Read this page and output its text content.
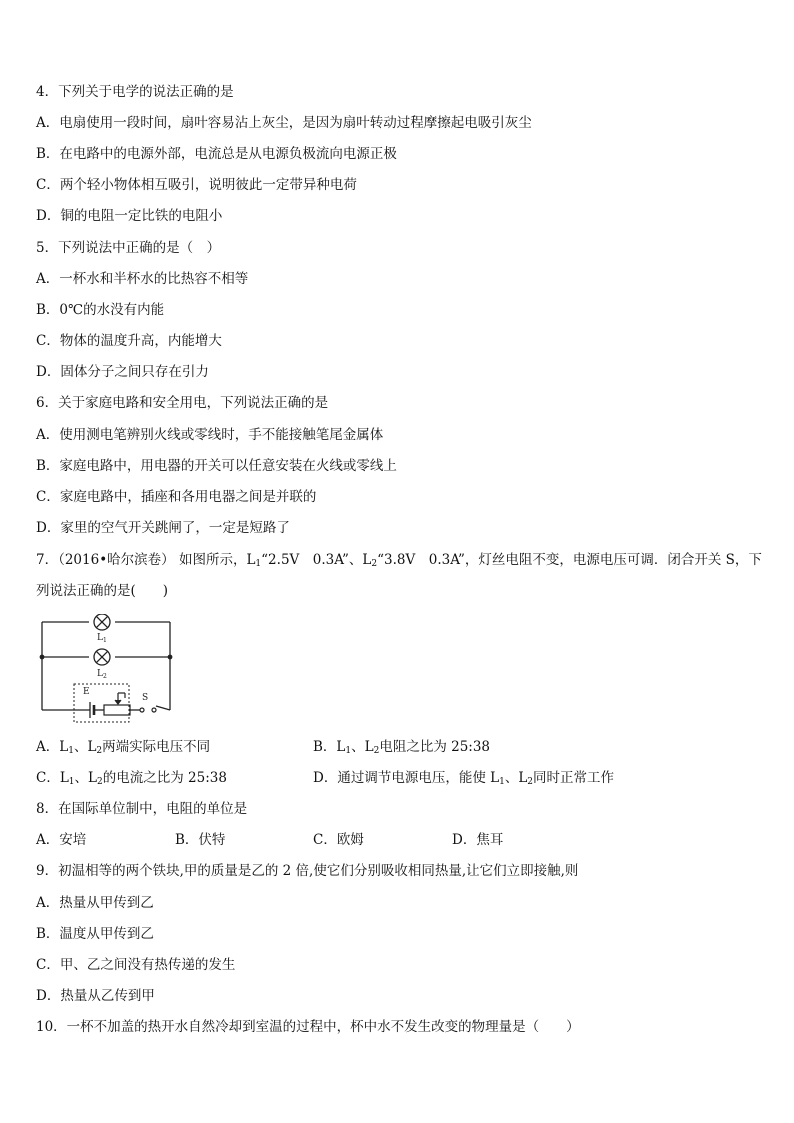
4．下列关于电学的说法正确的是
A．电扇使用一段时间，扇叶容易沾上灰尘，是因为扇叶转动过程摩擦起电吸引灰尘
B．在电路中的电源外部，电流总是从电源负极流向电源正极
C．两个轻小物体相互吸引，说明彼此一定带异种电荷
D．铜的电阻一定比铁的电阻小
5．下列说法中正确的是（　）
A．一杯水和半杯水的比热容不相等
B．0℃的水没有内能
C．物体的温度升高，内能增大
D．固体分子之间只存在引力
6．关于家庭电路和安全用电，下列说法正确的是
A．使用测电笔辨别火线或零线时，手不能接触笔尾金属体
B．家庭电路中，用电器的开关可以任意安装在火线或零线上
C．家庭电路中，插座和各用电器之间是并联的
D．家里的空气开关跳闸了，一定是短路了
7．（2016•哈尔滨卷） 如图所示，$L_1“2.5V$　0.3A”、$L_2“3.8V$　0.3A”，灯丝电阻不变，电源电压可调．闭合开关 S，下
列说法正确的是(　　)
$L_1$
$L_2$
E
S
A．$L_1$、$L_2$两端实际电压不同	B．$L_1$、$L_2$电阻之比为 25:38
C．$L_1$、$L_2$的电流之比为 25:38	D．通过调节电源电压，能使 $L_1$、$L_2$同时正常工作
8．在国际单位制中，电阻的单位是
A．安培	B．伏特	C．欧姆	D．焦耳
9．初温相等的两个铁块,甲的质量是乙的 2 倍,使它们分别吸收相同热量,让它们立即接触,则
A．热量从甲传到乙
B．温度从甲传到乙
C．甲、乙之间没有热传递的发生
D．热量从乙传到甲
10．一杯不加盖的热开水自然冷却到室温的过程中，杯中水不发生改变的物理量是（　　）
